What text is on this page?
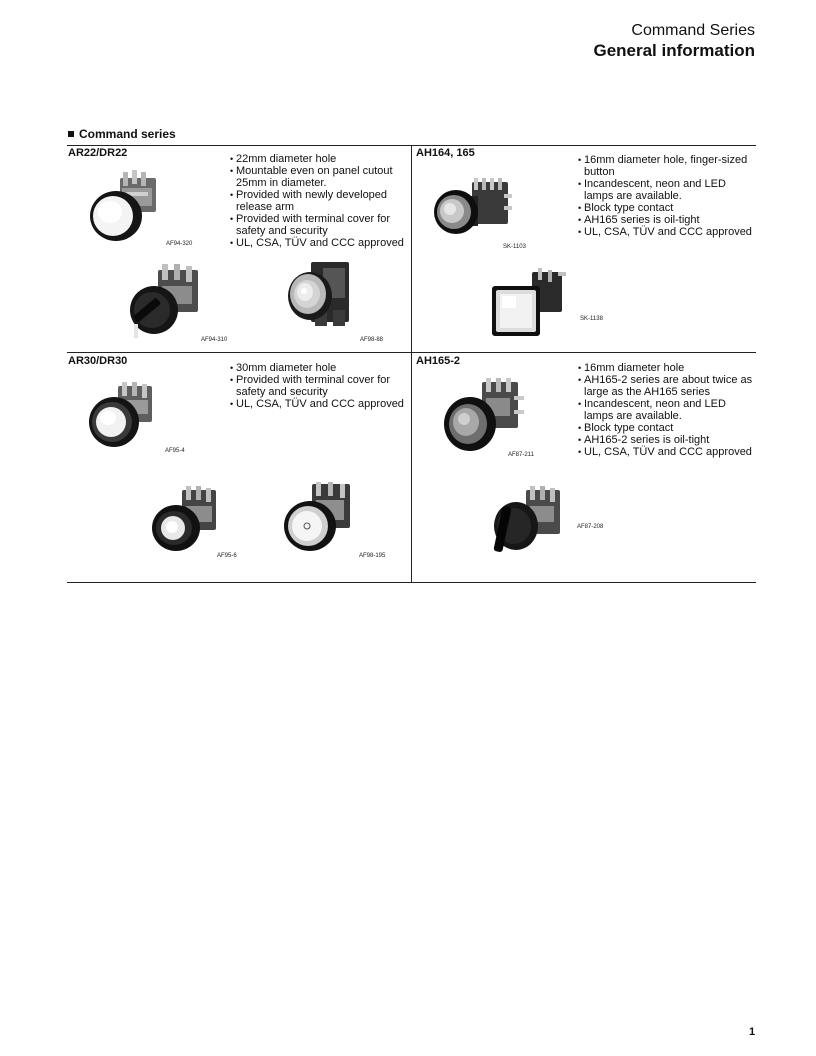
Command Series
General information
Command series
AR22/DR22
•	22mm diameter hole
• Mountable even on panel cutout 25mm in diameter.
• Provided with newly developed release arm
• Provided with terminal cover for safety and security
• UL, CSA, TÜV and CCC approved
AF94-320
AF94-310	AF98-88
AH164, 165
• 16mm diameter hole, finger-sized button
• Incandescent, neon and LED lamps are available.
• Block type contact
• AH165 series is oil-tight
• UL, CSA, TÜV and CCC approved
SK-1103
SK-1138
AR30/DR30
• 30mm diameter hole
• Provided with terminal cover for safety and security
• UL, CSA, TÜV and CCC approved
AF95-4
AF95-6	AF98-195
AH165-2
• 16mm diameter hole
• AH165-2 series are about twice as large as the AH165 series
• Incandescent, neon and LED lamps are available.
• Block type contact
• AH165-2 series is oil-tight
• UL, CSA, TÜV and CCC approved
AF87-211
AF87-208
1
